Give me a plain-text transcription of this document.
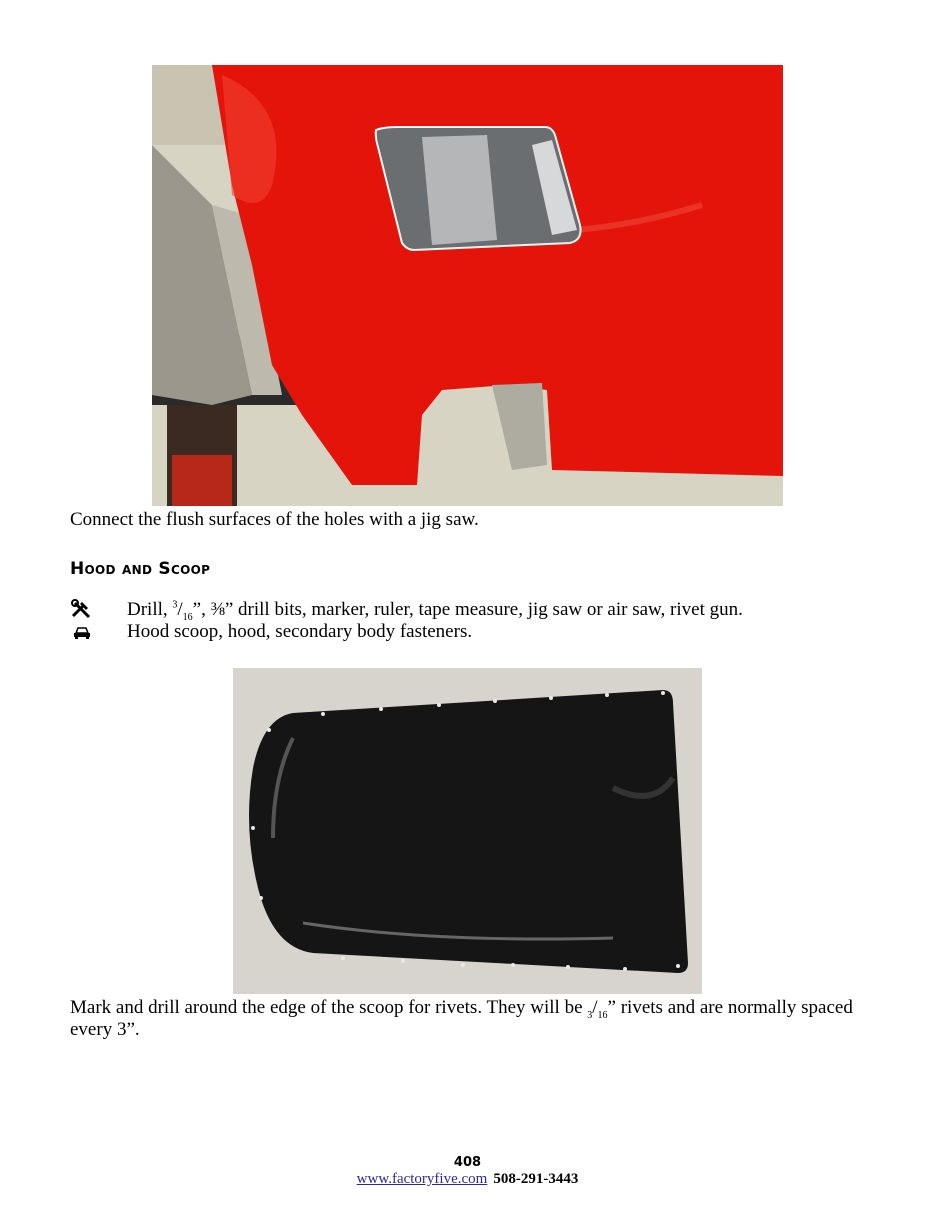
Connect the flush surfaces of the holes with a jig saw.
Hood and Scoop
Drill, $^3/_{16}$”, ⅜” drill bits, marker, ruler, tape measure, jig saw or air saw, rivet gun.
Hood scoop, hood, secondary body fasteners.
Mark and drill around the edge of the scoop for rivets. They will be $_3/_{16}$” rivets and are normally spaced every 3”.
408
www.factoryfive.com 508-291-3443
